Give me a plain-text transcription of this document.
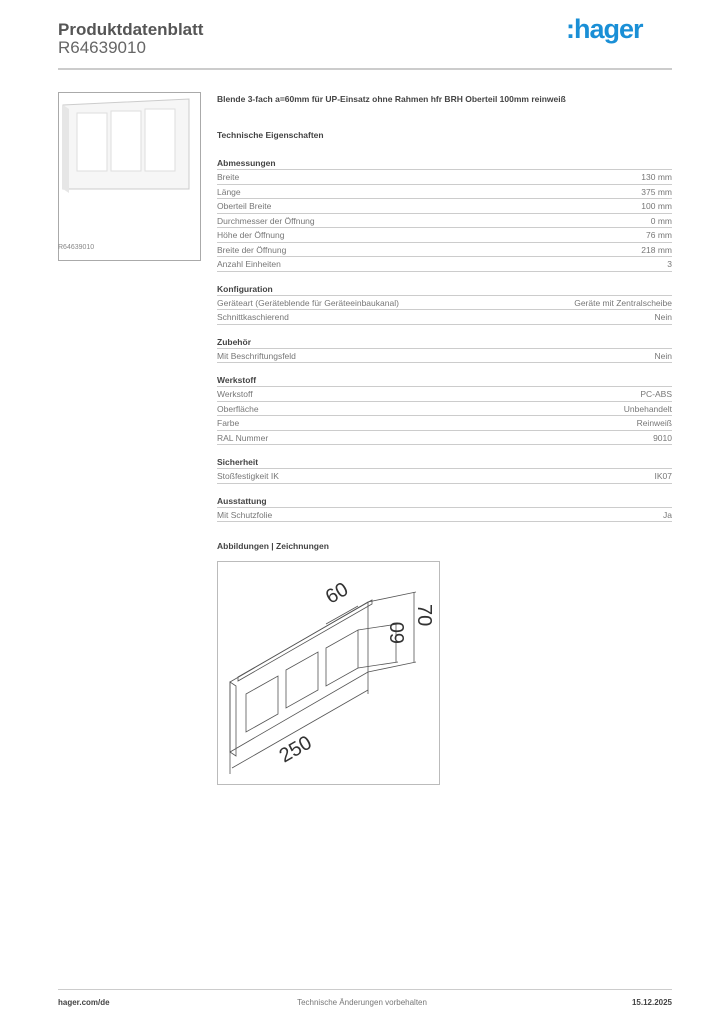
Produktdatenblatt
R64639010
:hager
R64639010
Blende 3-fach a=60mm für UP-Einsatz ohne Rahmen hfr BRH Oberteil 100mm reinweiß
Technische Eigenschaften
Abmessungen
Breite	130 mm
Länge	375 mm
Oberteil Breite	100 mm
Durchmesser der Öffnung	0 mm
Höhe der Öffnung	76 mm
Breite der Öffnung	218 mm
Anzahl Einheiten	3
Konfiguration
Geräteart (Geräteblende für Geräteeinbaukanal)	Geräte mit Zentralscheibe
Schnittkaschierend	Nein
Zubehör
Mit Beschriftungsfeld	Nein
Werkstoff
Werkstoff	PC-ABS
Oberfläche	Unbehandelt
Farbe	Reinweiß
RAL Nummer	9010
Sicherheit
Stoßfestigkeit IK	IK07
Ausstattung
Mit Schutzfolie	Ja
Abbildungen | Zeichnungen
60
60
70
250
hager.com/de	Technische Änderungen vorbehalten	15.12.2025
